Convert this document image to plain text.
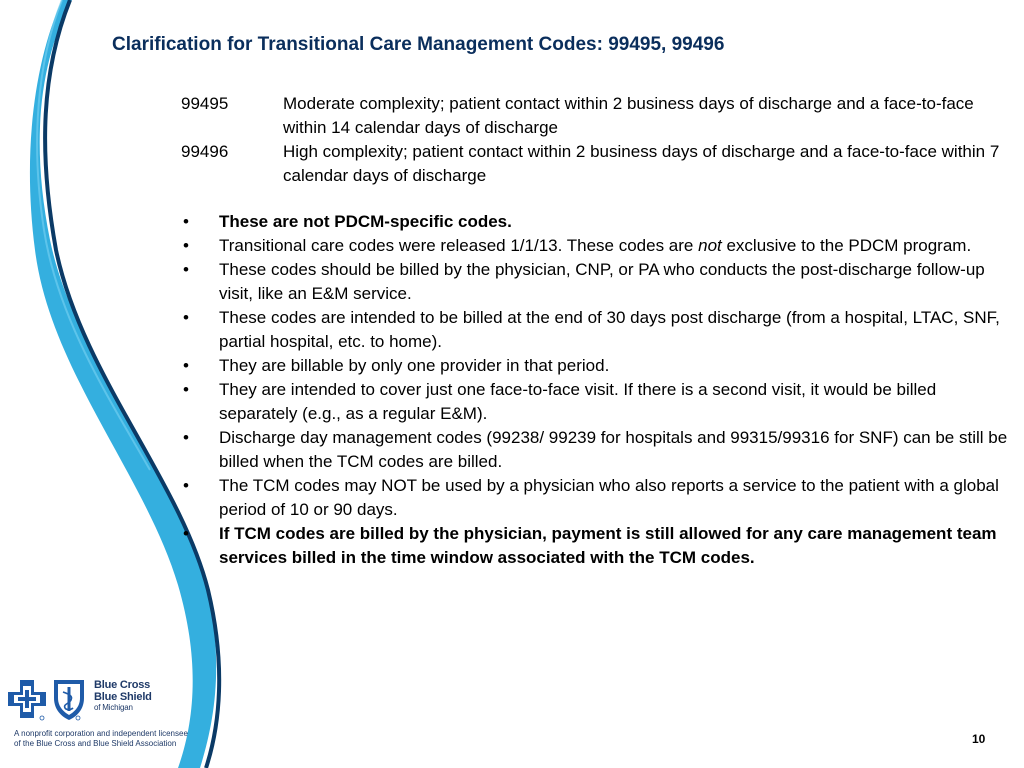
Clarification for Transitional Care Management Codes: 99495, 99496
99495	Moderate complexity; patient contact within 2 business days of discharge and a face-to-face within 14 calendar days of discharge
99496	High complexity; patient contact within 2 business days of discharge and a face-to-face within 7 calendar days of discharge
•	These are not PDCM-specific codes.
•	Transitional care codes were released 1/1/13. These codes are not exclusive to the PDCM program.
•	These codes should be billed by the physician, CNP, or PA who conducts the post-discharge follow-up visit, like an E&M service.
•	These codes are intended to be billed at the end of 30 days post discharge (from a hospital, LTAC, SNF, partial hospital, etc. to home).
•	They are billable by only one provider in that period.
•	They are intended to cover just one face-to-face visit. If there is a second visit, it would be billed separately (e.g., as a regular E&M).
•	Discharge day management codes (99238/ 99239 for hospitals and 99315/99316 for SNF) can be still be billed when the TCM codes are billed.
•	The TCM codes may NOT be used by a physician who also reports a service to the patient with a global period of 10 or 90 days.
•	If TCM codes are billed by the physician, payment is still allowed for any care management team services billed in the time window associated with the TCM codes.
Blue Cross
Blue Shield
of Michigan
A nonprofit corporation and independent licensee
of the Blue Cross and Blue Shield Association	10
